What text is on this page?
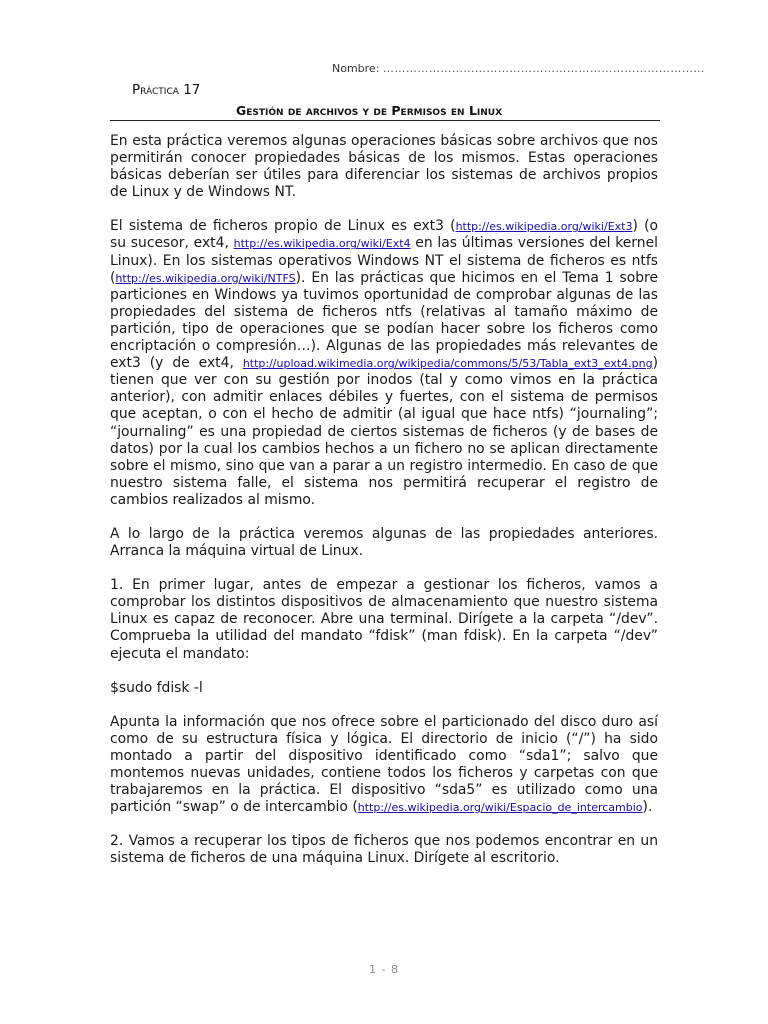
Nombre: …………………………………………………………………………
Práctica 17
Gestión de archivos y de Permisos en Linux

En esta práctica veremos algunas operaciones básicas sobre archivos que nos permitirán conocer propiedades básicas de los mismos. Estas operaciones básicas deberían ser útiles para diferenciar los sistemas de archivos propios de Linux y de Windows NT.

El sistema de ficheros propio de Linux es ext3 (http://es.wikipedia.org/wiki/Ext3) (o su sucesor, ext4, http://es.wikipedia.org/wiki/Ext4 en las últimas versiones del kernel Linux). En los sistemas operativos Windows NT el sistema de ficheros es ntfs (http://es.wikipedia.org/wiki/NTFS). En las prácticas que hicimos en el Tema 1 sobre particiones en Windows ya tuvimos oportunidad de comprobar algunas de las propiedades del sistema de ficheros ntfs (relativas al tamaño máximo de partición, tipo de operaciones que se podían hacer sobre los ficheros como encriptación o compresión…). Algunas de las propiedades más relevantes de ext3 (y de ext4, http://upload.wikimedia.org/wikipedia/commons/5/53/Tabla_ext3_ext4.png) tienen que ver con su gestión por inodos (tal y como vimos en la práctica anterior), con admitir enlaces débiles y fuertes, con el sistema de permisos que aceptan, o con el hecho de admitir (al igual que hace ntfs) “journaling”; “journaling” es una propiedad de ciertos sistemas de ficheros (y de bases de datos) por la cual los cambios hechos a un fichero no se aplican directamente sobre el mismo, sino que van a parar a un registro intermedio. En caso de que nuestro sistema falle, el sistema nos permitirá recuperar el registro de cambios realizados al mismo.

A lo largo de la práctica veremos algunas de las propiedades anteriores. Arranca la máquina virtual de Linux.

1. En primer lugar, antes de empezar a gestionar los ficheros, vamos a comprobar los distintos dispositivos de almacenamiento que nuestro sistema Linux es capaz de reconocer. Abre una terminal. Dirígete a la carpeta “/dev”. Comprueba la utilidad del mandato “fdisk” (man fdisk). En la carpeta “/dev” ejecuta el mandato:

$sudo fdisk -l

Apunta la información que nos ofrece sobre el particionado del disco duro así como de su estructura física y lógica. El directorio de inicio (“/”) ha sido montado a partir del dispositivo identificado como “sda1”; salvo que montemos nuevas unidades, contiene todos los ficheros y carpetas con que trabajaremos en la práctica. El dispositivo “sda5” es utilizado como una partición “swap” o de intercambio (http://es.wikipedia.org/wiki/Espacio_de_intercambio).

2. Vamos a recuperar los tipos de ficheros que nos podemos encontrar en un sistema de ficheros de una máquina Linux. Dirígete al escritorio.

1 - 8
